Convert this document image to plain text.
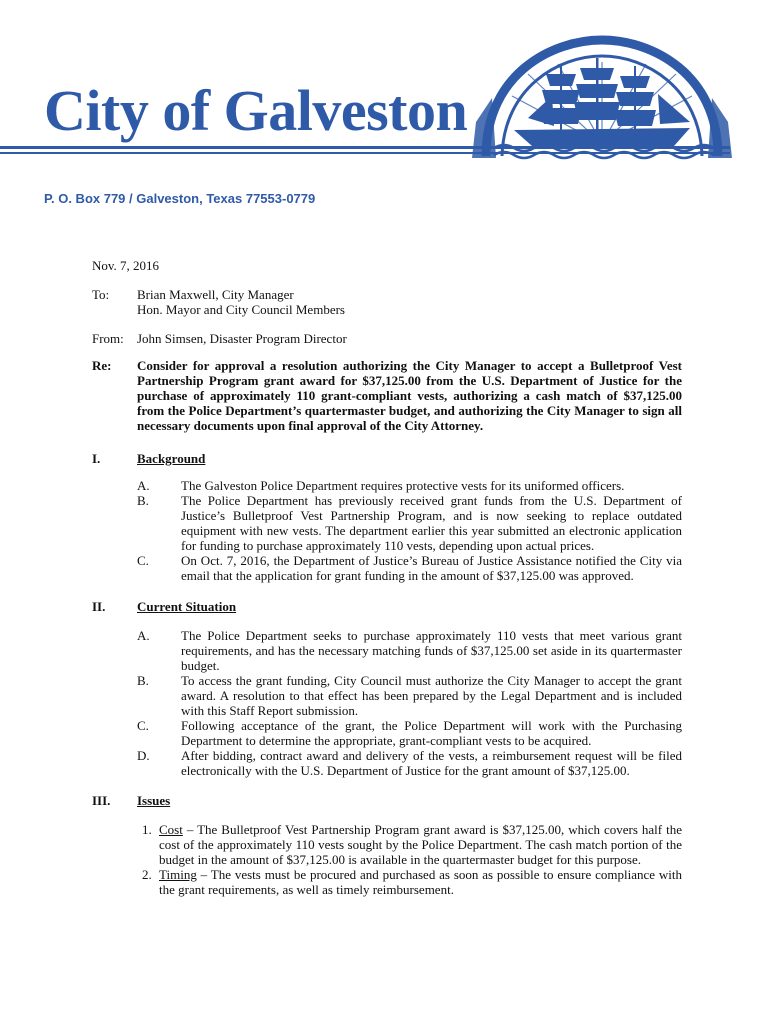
City of Galveston
P. O. Box 779 / Galveston, Texas 77553-0779
Nov. 7, 2016
To:	Brian Maxwell, City Manager
Hon. Mayor and City Council Members
From:	John Simsen, Disaster Program Director
Re:	Consider for approval a resolution authorizing the City Manager to accept a Bulletproof Vest Partnership Program grant award for $37,125.00 from the U.S. Department of Justice for the purchase of approximately 110 grant-compliant vests, authorizing a cash match of $37,125.00 from the Police Department’s quartermaster budget, and authorizing the City Manager to sign all necessary documents upon final approval of the City Attorney.
I.	Background
A. The Galveston Police Department requires protective vests for its uniformed officers.
B. The Police Department has previously received grant funds from the U.S. Department of Justice’s Bulletproof Vest Partnership Program, and is now seeking to replace outdated equipment with new vests. The department earlier this year submitted an electronic application for funding to purchase approximately 110 vests, depending upon actual prices.
C. On Oct. 7, 2016, the Department of Justice’s Bureau of Justice Assistance notified the City via email that the application for grant funding in the amount of $37,125.00 was approved.
II. Current Situation
A. The Police Department seeks to purchase approximately 110 vests that meet various grant requirements, and has the necessary matching funds of $37,125.00 set aside in its quartermaster budget.
B. To access the grant funding, City Council must authorize the City Manager to accept the grant award. A resolution to that effect has been prepared by the Legal Department and is included with this Staff Report submission.
C. Following acceptance of the grant, the Police Department will work with the Purchasing Department to determine the appropriate, grant-compliant vests to be acquired.
D. After bidding, contract award and delivery of the vests, a reimbursement request will be filed electronically with the U.S. Department of Justice for the grant amount of $37,125.00.
III. Issues
1. Cost – The Bulletproof Vest Partnership Program grant award is $37,125.00, which covers half the cost of the approximately 110 vests sought by the Police Department. The cash match portion of the budget in the amount of $37,125.00 is available in the quartermaster budget for this purpose.
2. Timing – The vests must be procured and purchased as soon as possible to ensure compliance with the grant requirements, as well as timely reimbursement.
